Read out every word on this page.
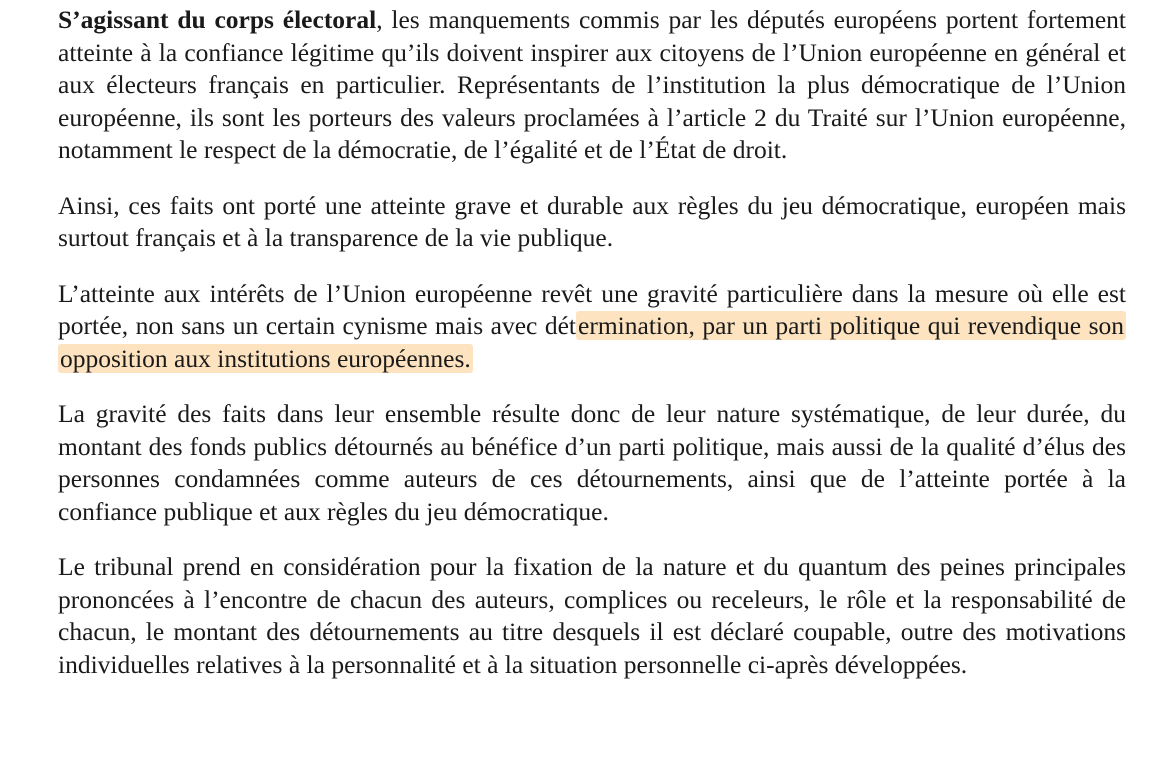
S’agissant du corps électoral, les manquements commis par les députés européens portent fortement atteinte à la confiance légitime qu’ils doivent inspirer aux citoyens de l’Union européenne en général et aux électeurs français en particulier. Représentants de l’institution la plus démocratique de l’Union européenne, ils sont les porteurs des valeurs proclamées à l’article 2 du Traité sur l’Union européenne, notamment le respect de la démocratie, de l’égalité et de l’État de droit.

Ainsi, ces faits ont porté une atteinte grave et durable aux règles du jeu démocratique, européen mais surtout français et à la transparence de la vie publique.

L’atteinte aux intérêts de l’Union européenne revêt une gravité particulière dans la mesure où elle est portée, non sans un certain cynisme mais avec détermination, par un parti politique qui revendique son opposition aux institutions européennes.

La gravité des faits dans leur ensemble résulte donc de leur nature systématique, de leur durée, du montant des fonds publics détournés au bénéfice d’un parti politique, mais aussi de la qualité d’élus des personnes condamnées comme auteurs de ces détournements, ainsi que de l’atteinte portée à la confiance publique et aux règles du jeu démocratique.

Le tribunal prend en considération pour la fixation de la nature et du quantum des peines principales prononcées à l’encontre de chacun des auteurs, complices ou receleurs, le rôle et la responsabilité de chacun, le montant des détournements au titre desquels il est déclaré coupable, outre des motivations individuelles relatives à la personnalité et à la situation personnelle ci-après développées.
